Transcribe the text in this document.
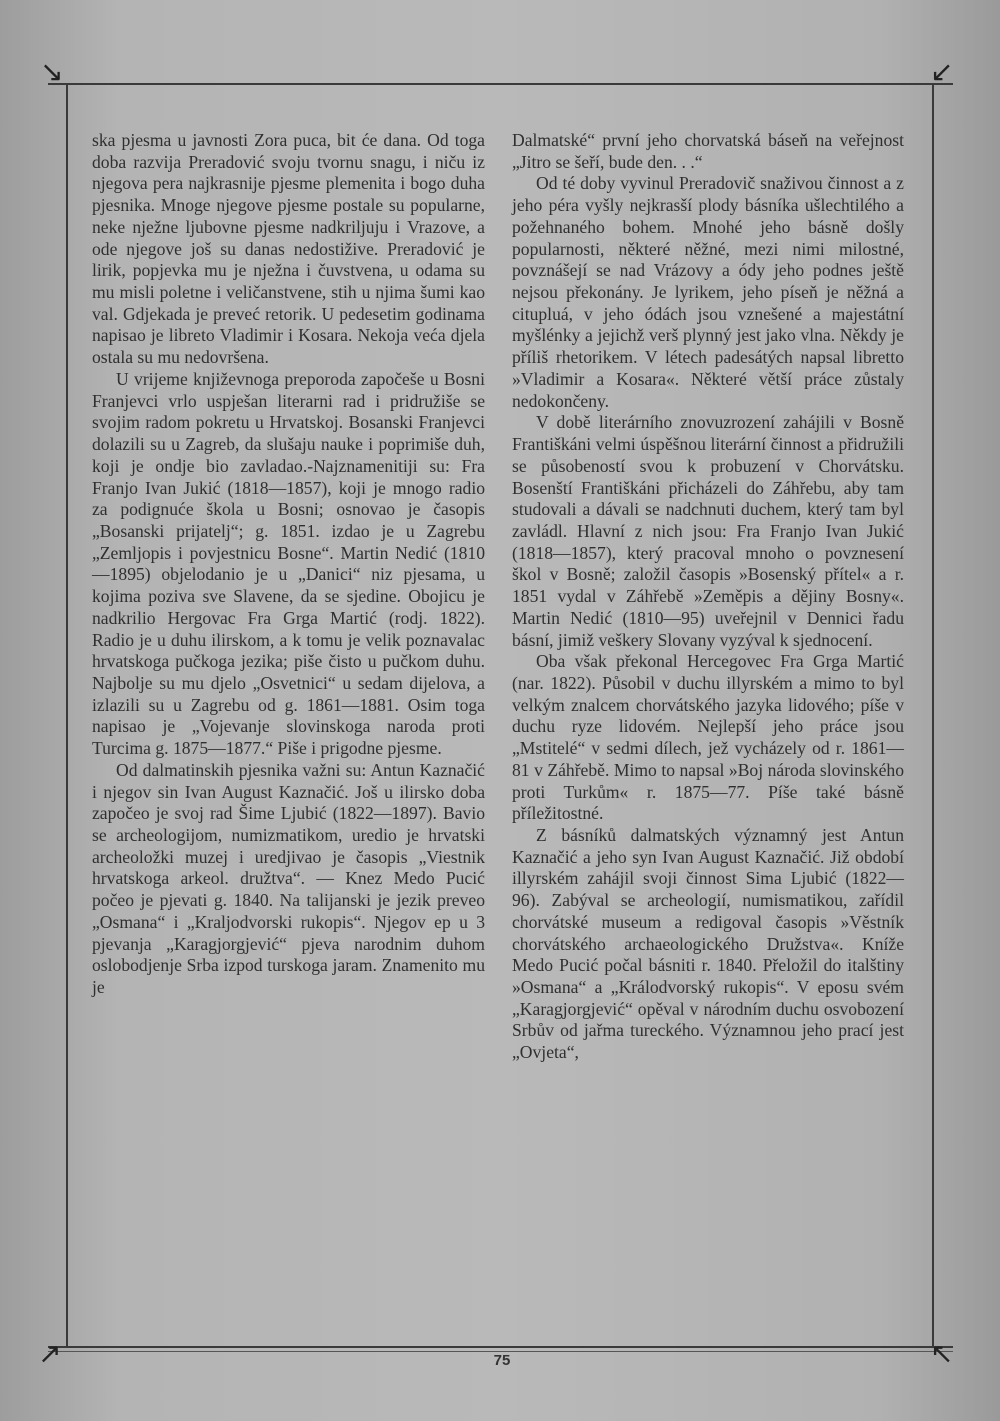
↘	↙
↗	↖

ska pjesma u javnosti Zora puca, bit će dana. Od toga doba razvija Preradović svoju tvornu snagu, i niču iz njegova pera najkrasnije pjesme plemenita i bogo duha pjesnika. Mnoge njegove pjesme postale su popularne, neke nježne ljubovne pjesme nadkriljuju i Vrazove, a ode njegove još su danas nedostižive. Preradović je lirik, popjevka mu je nježna i čuvstvena, u odama su mu misli poletne i veličanstvene, stih u njima šumi kao val. Gdjekada je preveć retorik. U pedesetim godinama napisao je libreto Vladimir i Kosara. Nekoja veća djela ostala su mu nedovršena.

U vrijeme književnoga preporoda započeše u Bosni Franjevci vrlo uspješan literarni rad i pridružiše se svojim radom pokretu u Hrvatskoj. Bosanski Franjevci dolazili su u Zagreb, da slušaju nauke i poprimiše duh, koji je ondje bio zavladao.-Najznamenitiji su: Fra Franjo Ivan Jukić (1818—1857), koji je mnogo radio za podignuće škola u Bosni; osnovao je časopis „Bosanski prijatelj“; g. 1851. izdao je u Zagrebu „Zemljopis i povjestnicu Bosne“. Martin Nedić (1810—1895) objelodanio je u „Danici“ niz pjesama, u kojima poziva sve Slavene, da se sjedine. Obojicu je nadkrilio Hergovac Fra Grga Martić (rodj. 1822). Radio je u duhu ilirskom, a k tomu je velik poznavalac hrvatskoga pučkoga jezika; piše čisto u pučkom duhu. Najbolje su mu djelo „Osvetnici“ u sedam dijelova, a izlazili su u Zagrebu od g. 1861—1881. Osim toga napisao je „Vojevanje slovinskoga naroda proti Turcima g. 1875—1877.“ Piše i prigodne pjesme.

Od dalmatinskih pjesnika važni su: Antun Kaznačić i njegov sin Ivan August Kaznačić. Još u ilirsko doba započeo je svoj rad Šime Ljubić (1822—1897). Bavio se archeologijom, numizmatikom, uredio je hrvatski archeoložki muzej i uredjivao je časopis „Viestnik hrvatskoga arkeol. družtva“. — Knez Medo Pucić počeo je pjevati g. 1840. Na talijanski je jezik preveo „Osmana“ i „Kraljodvorski rukopis“. Njegov ep u 3 pjevanja „Karagjorgjević“ pjeva narodnim duhom oslobodjenje Srba izpod turskoga jaram. Znamenito mu je

Dalmatské“ první jeho chorvatská báseň na veřejnost „Jitro se šeří, bude den. . .“

Od té doby vyvinul Preradovič snaživou činnost a z jeho péra vyšly nejkrasší plody básníka ušlechtilého a požehnaného bohem. Mnohé jeho básně došly popularnosti, některé něžné, mezi nimi milostné, povznášejí se nad Vrázovy a ódy jeho podnes ještě nejsou překonány. Je lyrikem, jeho píseň je něžná a citupluá, v jeho ódách jsou vznešené a majestátní myšlénky a jejichž verš plynný jest jako vlna. Někdy je příliš rhetorikem. V létech padesátých napsal libretto »Vladimir a Kosara«. Některé větší práce zůstaly nedokončeny.

V době literárního znovuzrození zahájili v Bosně Františkáni velmi úspěšnou literární činnost a přidružili se působeností svou k probuzení v Chorvátsku. Bosenští Františkáni přicházeli do Záhřebu, aby tam studovali a dávali se nadchnuti duchem, který tam byl zavládl. Hlavní z nich jsou: Fra Franjo Ivan Jukić (1818—1857), který pracoval mnoho o povznesení škol v Bosně; založil časopis »Bosenský přítel« a r. 1851 vydal v Záhřebě »Zeměpis a dějiny Bosny«. Martin Nedić (1810—95) uveřejnil v Dennici řadu básní, jimiž veškery Slovany vyzýval k sjednocení.

Oba však překonal Hercegovec Fra Grga Martić (nar. 1822). Působil v duchu illyrském a mimo to byl velkým znalcem chorvátského jazyka lidového; píše v duchu ryze lidovém. Nejlepší jeho práce jsou „Mstitelé“ v sedmi dílech, jež vycházely od r. 1861—81 v Záhřebě. Mimo to napsal »Boj národa slovinského proti Turkům« r. 1875—77. Píše také básně příležitostné.

Z básníků dalmatských významný jest Antun Kaznačić a jeho syn Ivan August Kaznačić. Již období illyrském zahájil svoji činnost Sima Ljubić (1822—96). Zabýval se archeologií, numismatikou, zařídil chorvátské museum a redigoval časopis »Věstník chorvátského archaeologického Družstva«. Kníže Medo Pucić počal básniti r. 1840. Přeložil do italštiny »Osmana“ a „Králodvorský rukopis“. V eposu svém „Karagjorgjević“ opěval v národním duchu osvobození Srbův od jařma tureckého. Významnou jeho prací jest „Ovjeta“,

75
